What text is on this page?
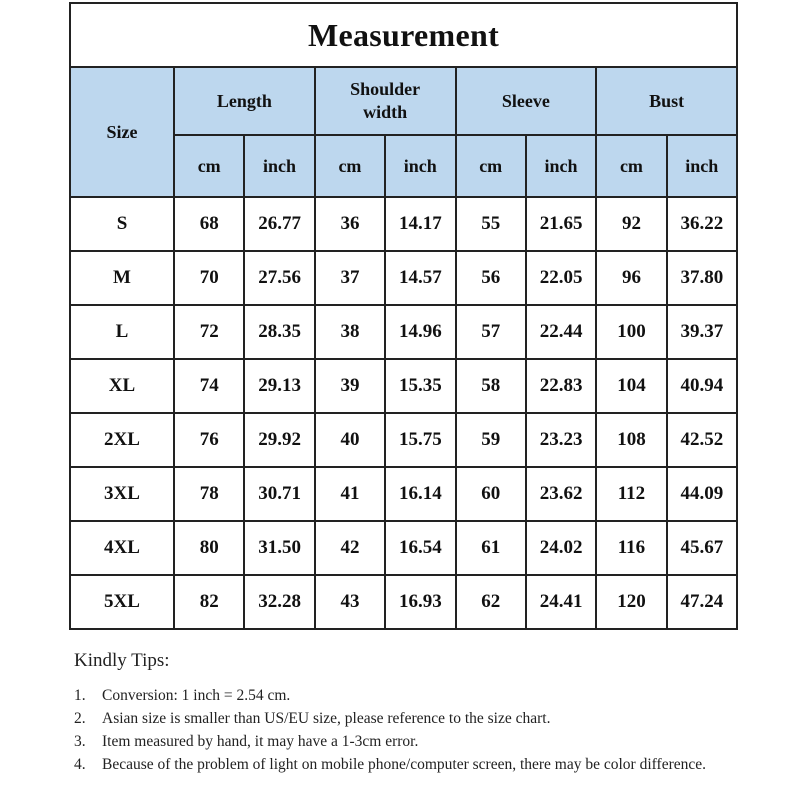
Measurement
Size	Length		Shoulder width		Sleeve		Bust	
	cm	inch	cm	inch	cm	inch	cm	inch
S	68	26.77	36	14.17	55	21.65	92	36.22
M	70	27.56	37	14.57	56	22.05	96	37.80
L	72	28.35	38	14.96	57	22.44	100	39.37
XL	74	29.13	39	15.35	58	22.83	104	40.94
2XL	76	29.92	40	15.75	59	23.23	108	42.52
3XL	78	30.71	41	16.14	60	23.62	112	44.09
4XL	80	31.50	42	16.54	61	24.02	116	45.67
5XL	82	32.28	43	16.93	62	24.41	120	47.24
Kindly Tips:
1.	Conversion: 1 inch = 2.54 cm.
2.	Asian size is smaller than US/EU size, please reference to the size chart.
3.	Item measured by hand, it may have a 1-3cm error.
4.	Because of the problem of light on mobile phone/computer screen, there may be color difference.
